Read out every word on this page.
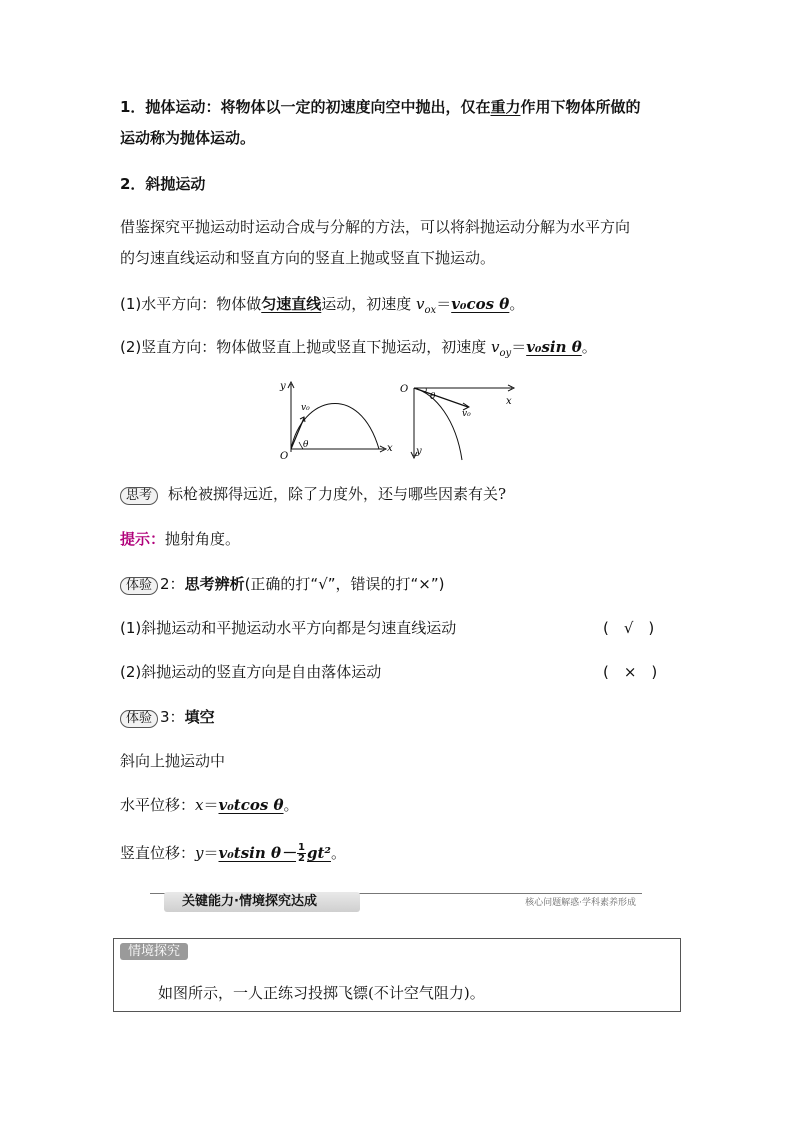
1．抛体运动：将物体以一定的初速度向空中抛出，仅在重力作用下物体所做的
运动称为抛体运动。
2．斜抛运动
借鉴探究平抛运动时运动合成与分解的方法，可以将斜抛运动分解为水平方向
的匀速直线运动和竖直方向的竖直上抛或竖直下抛运动。
(1)水平方向：物体做匀速直线运动，初速度 $v_{ox}=v_0\cos$ θ。
(2)竖直方向：物体做竖直上抛或竖直下抛运动，初速度 $v_{oy}=v_0\sin$ θ。
y
v₀
θ	x
O
O
θ
v₀
x
y
思考 标枪被掷得远近，除了力度外，还与哪些因素有关?
提示：抛射角度。
体验 2：思考辨析(正确的打“√”，错误的打“×”)
(1)斜抛运动和平抛运动水平方向都是匀速直线运动	(　√　)
(2)斜抛运动的竖直方向是自由落体运动	(　×　)
体验 3：填空
斜向上抛运动中
水平位移：x＝v₀tcos θ。
竖直位移：y＝v₀tsin $\theta- \frac{1}{2} gt^2$。
关键能力·情境探究达成	核心问题解惑·学科素养形成
情境探究
如图所示，一人正练习投掷飞镖(不计空气阻力)。
